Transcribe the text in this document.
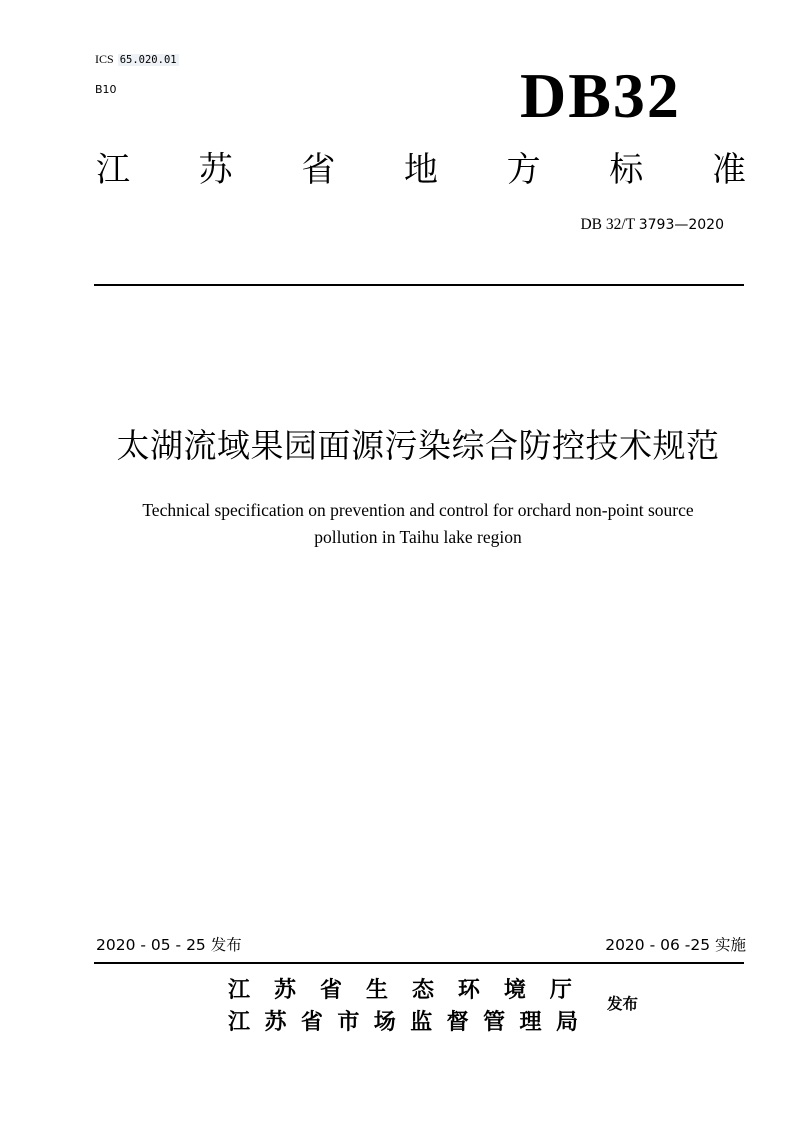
ICS 65.020.01
B10	DB32
江 苏 省 地 方 标 准
DB 32/T 3793—2020
太湖流域果园面源污染综合防控技术规范
Technical specification on prevention and control for orchard non-point source
pollution in Taihu lake region
2020 - 05 - 25 发布	2020 - 06 -25 实施
江 苏 省 生 态 环 境 厅
江 苏 省 市 场 监 督 管 理 局
发布
